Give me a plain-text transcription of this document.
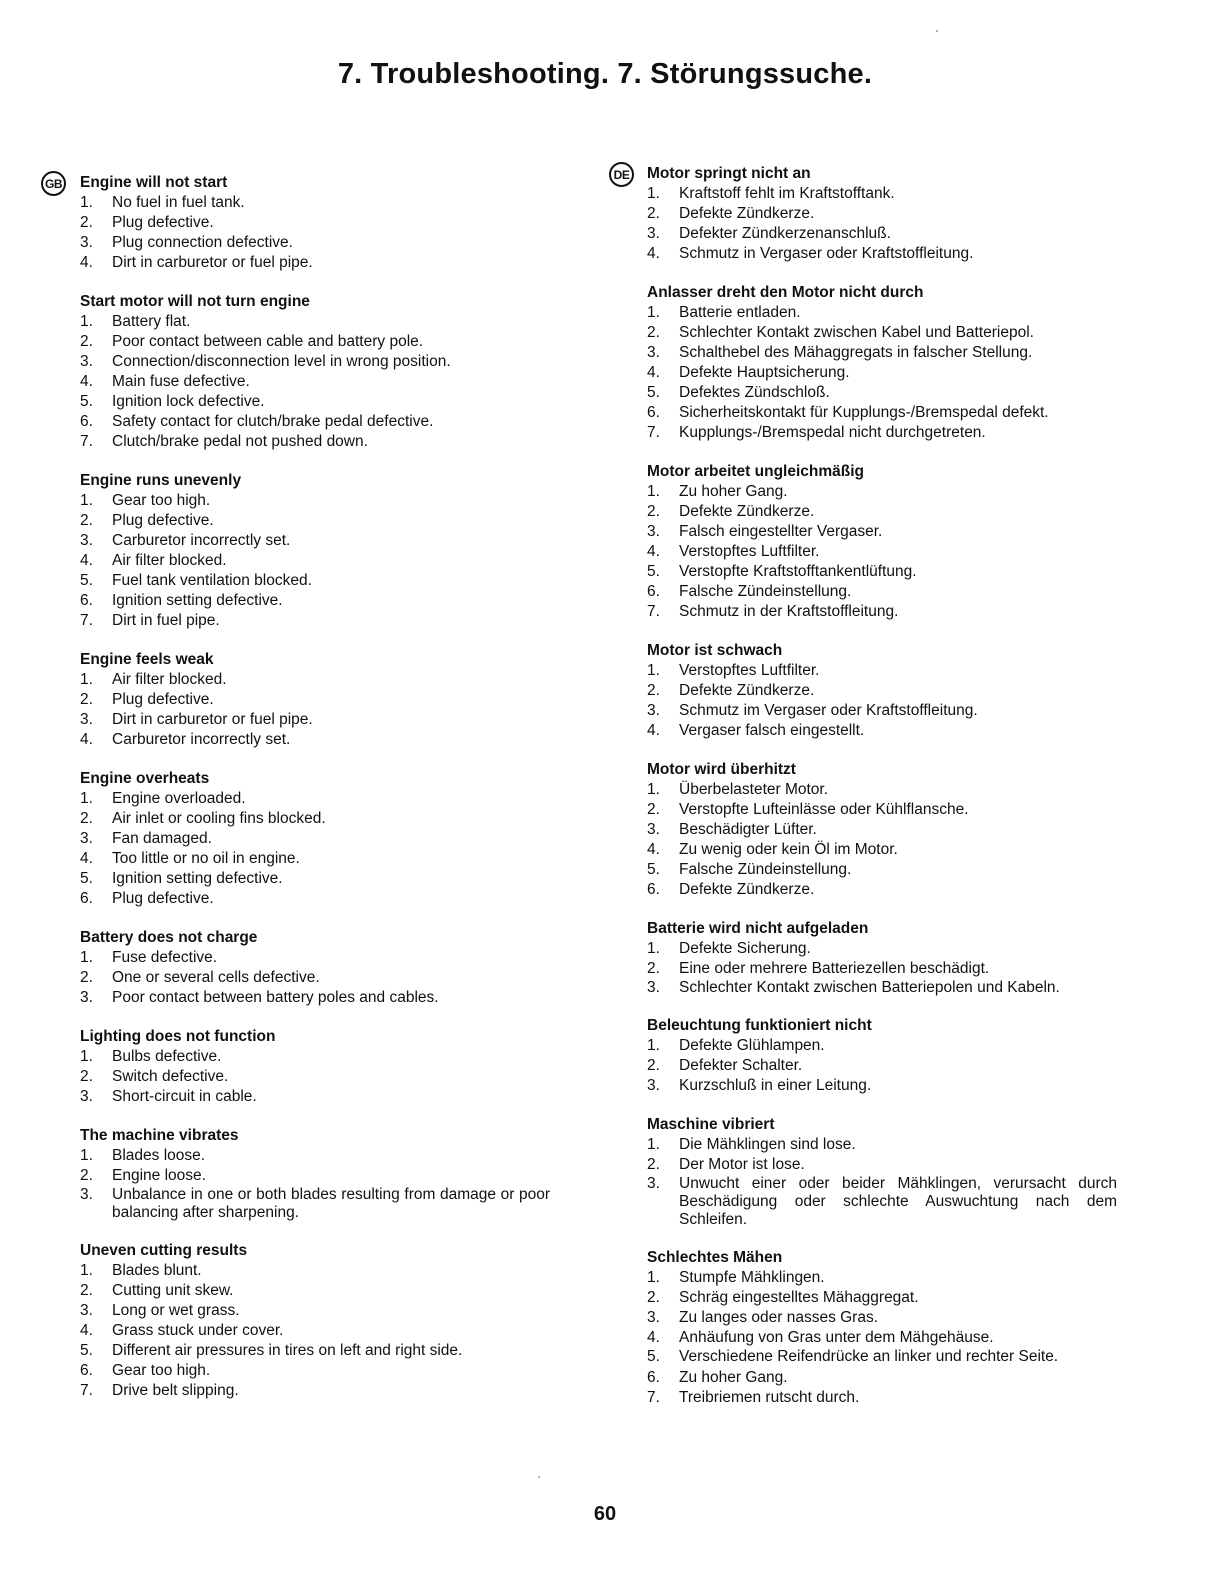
7. Troubleshooting. 7. Störungssuche.
GB
DE
Engine will not start
1.	No fuel in fuel tank.
2.	Plug defective.
3.	Plug connection defective.
4.	Dirt in carburetor or fuel pipe.
Start motor will not turn engine
1.	Battery flat.
2.	Poor contact between cable and battery pole.
3.	Connection/disconnection level in wrong position.
4.	Main fuse defective.
5.	Ignition lock defective.
6.	Safety contact for clutch/brake pedal defective.
7.	Clutch/brake pedal not pushed down.
Engine runs unevenly
1.	Gear too high.
2.	Plug defective.
3.	Carburetor incorrectly set.
4.	Air filter blocked.
5.	Fuel tank ventilation blocked.
6.	Ignition setting defective.
7.	Dirt in fuel pipe.
Engine feels weak
1.	Air filter blocked.
2.	Plug defective.
3.	Dirt in carburetor or fuel pipe.
4.	Carburetor incorrectly set.
Engine overheats
1.	Engine overloaded.
2.	Air inlet or cooling fins blocked.
3.	Fan damaged.
4.	Too little or no oil in engine.
5.	Ignition setting defective.
6.	Plug defective.
Battery does not charge
1.	Fuse defective.
2.	One or several cells defective.
3.	Poor contact between battery poles and cables.
Lighting does not function
1.	Bulbs defective.
2.	Switch defective.
3.	Short-circuit in cable.
The machine vibrates
1.	Blades loose.
2.	Engine loose.
3.	Unbalance in one or both blades resulting from damage or poor balancing after sharpening.
Uneven cutting results
1.	Blades blunt.
2.	Cutting unit skew.
3.	Long or wet grass.
4.	Grass stuck under cover.
5.	Different air pressures in tires on left and right side.
6.	Gear too high.
7.	Drive belt slipping.
Motor springt nicht an
1.	Kraftstoff fehlt im Kraftstofftank.
2.	Defekte Zündkerze.
3.	Defekter Zündkerzenanschluß.
4.	Schmutz in Vergaser oder Kraftstoffleitung.
Anlasser dreht den Motor nicht durch
1.	Batterie entladen.
2.	Schlechter Kontakt zwischen Kabel und Batteriepol.
3.	Schalthebel des Mähaggregats in falscher Stellung.
4.	Defekte Hauptsicherung.
5.	Defektes Zündschloß.
6.	Sicherheitskontakt für Kupplungs-/Bremspedal defekt.
7.	Kupplungs-/Bremspedal nicht durchgetreten.
Motor arbeitet ungleichmäßig
1.	Zu hoher Gang.
2.	Defekte Zündkerze.
3.	Falsch eingestellter Vergaser.
4.	Verstopftes Luftfilter.
5.	Verstopfte Kraftstofftankentlüftung.
6.	Falsche Zündeinstellung.
7.	Schmutz in der Kraftstoffleitung.
Motor ist schwach
1.	Verstopftes Luftfilter.
2.	Defekte Zündkerze.
3.	Schmutz im Vergaser oder Kraftstoffleitung.
4.	Vergaser falsch eingestellt.
Motor wird überhitzt
1.	Überbelasteter Motor.
2.	Verstopfte Lufteinlässe oder Kühlflansche.
3.	Beschädigter Lüfter.
4.	Zu wenig oder kein Öl im Motor.
5.	Falsche Zündeinstellung.
6.	Defekte Zündkerze.
Batterie wird nicht aufgeladen
1.	Defekte Sicherung.
2.	Eine oder mehrere Batteriezellen beschädigt.
3.	Schlechter Kontakt zwischen Batteriepolen und Kabeln.
Beleuchtung funktioniert nicht
1.	Defekte Glühlampen.
2.	Defekter Schalter.
3.	Kurzschluß in einer Leitung.
Maschine vibriert
1.	Die Mähklingen sind lose.
2.	Der Motor ist lose.
3.	Unwucht einer oder beider Mähklingen, verursacht durch Beschädigung oder schlechte Auswuchtung nach dem Schleifen.
Schlechtes Mähen
1.	Stumpfe Mähklingen.
2.	Schräg eingestelltes Mähaggregat.
3.	Zu langes oder nasses Gras.
4.	Anhäufung von Gras unter dem Mähgehäuse.
5.	Verschiedene Reifendrücke an linker und rechter Seite.
6.	Zu hoher Gang.
7.	Treibriemen rutscht durch.
60
